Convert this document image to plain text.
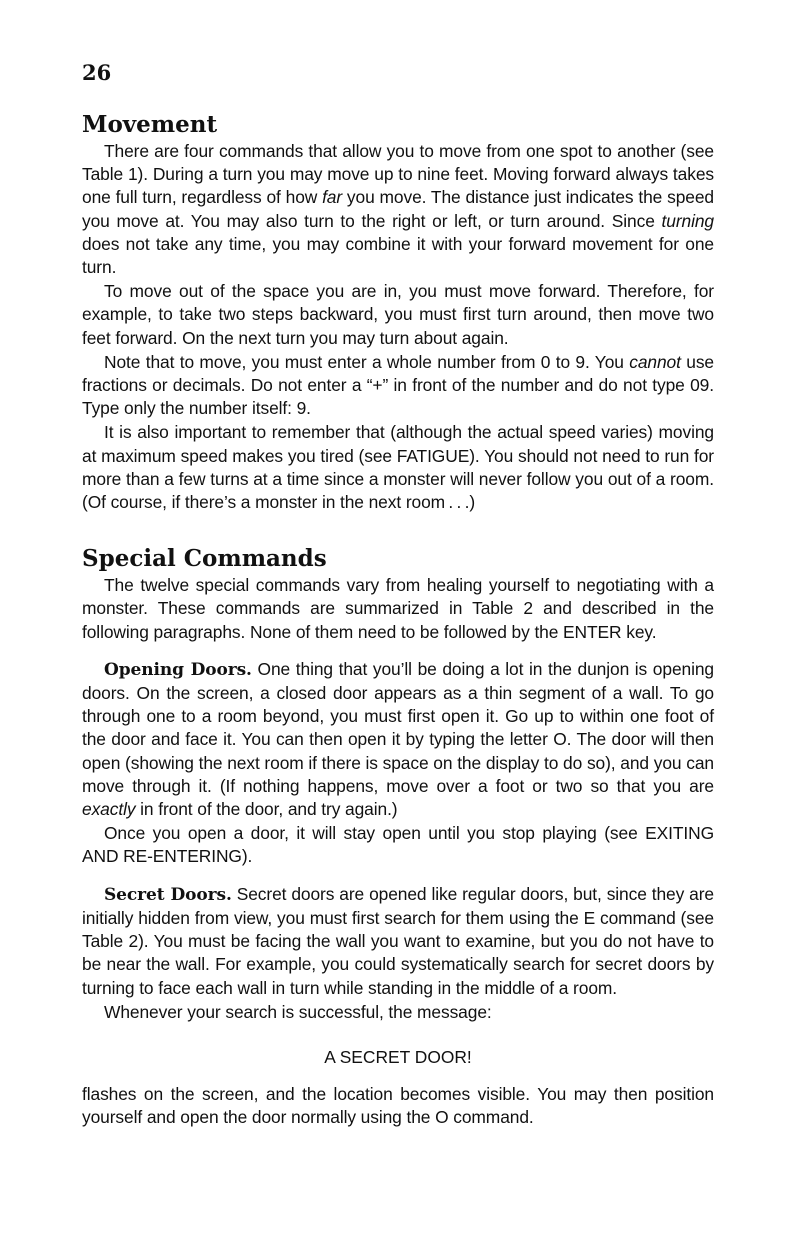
26
Movement

There are four commands that allow you to move from one spot to another (see Table 1). During a turn you may move up to nine feet. Moving forward always takes one full turn, regardless of how far you move. The distance just indicates the speed you move at. You may also turn to the right or left, or turn around. Since turning does not take any time, you may combine it with your forward movement for one turn.

To move out of the space you are in, you must move forward. Therefore, for example, to take two steps backward, you must first turn around, then move two feet forward. On the next turn you may turn about again.

Note that to move, you must enter a whole number from 0 to 9. You cannot use fractions or decimals. Do not enter a “+” in front of the number and do not type 09. Type only the number itself: 9.

It is also important to remember that (although the actual speed varies) moving at maximum speed makes you tired (see FATIGUE). You should not need to run for more than a few turns at a time since a monster will never follow you out of a room. (Of course, if there’s a monster in the next room . . .)

Special Commands

The twelve special commands vary from healing yourself to negotiating with a monster. These commands are summarized in Table 2 and described in the following paragraphs. None of them need to be followed by the ENTER key.

Opening Doors. One thing that you’ll be doing a lot in the dunjon is opening doors. On the screen, a closed door appears as a thin segment of a wall. To go through one to a room beyond, you must first open it. Go up to within one foot of the door and face it. You can then open it by typing the letter O. The door will then open (showing the next room if there is space on the display to do so), and you can move through it. (If nothing happens, move over a foot or two so that you are exactly in front of the door, and try again.)

Once you open a door, it will stay open until you stop playing (see EXITING AND RE-ENTERING).

Secret Doors. Secret doors are opened like regular doors, but, since they are initially hidden from view, you must first search for them using the E command (see Table 2). You must be facing the wall you want to examine, but you do not have to be near the wall. For example, you could systematically search for secret doors by turning to face each wall in turn while standing in the middle of a room.

Whenever your search is successful, the message:

A SECRET DOOR!

flashes on the screen, and the location becomes visible. You may then position yourself and open the door normally using the O command.
